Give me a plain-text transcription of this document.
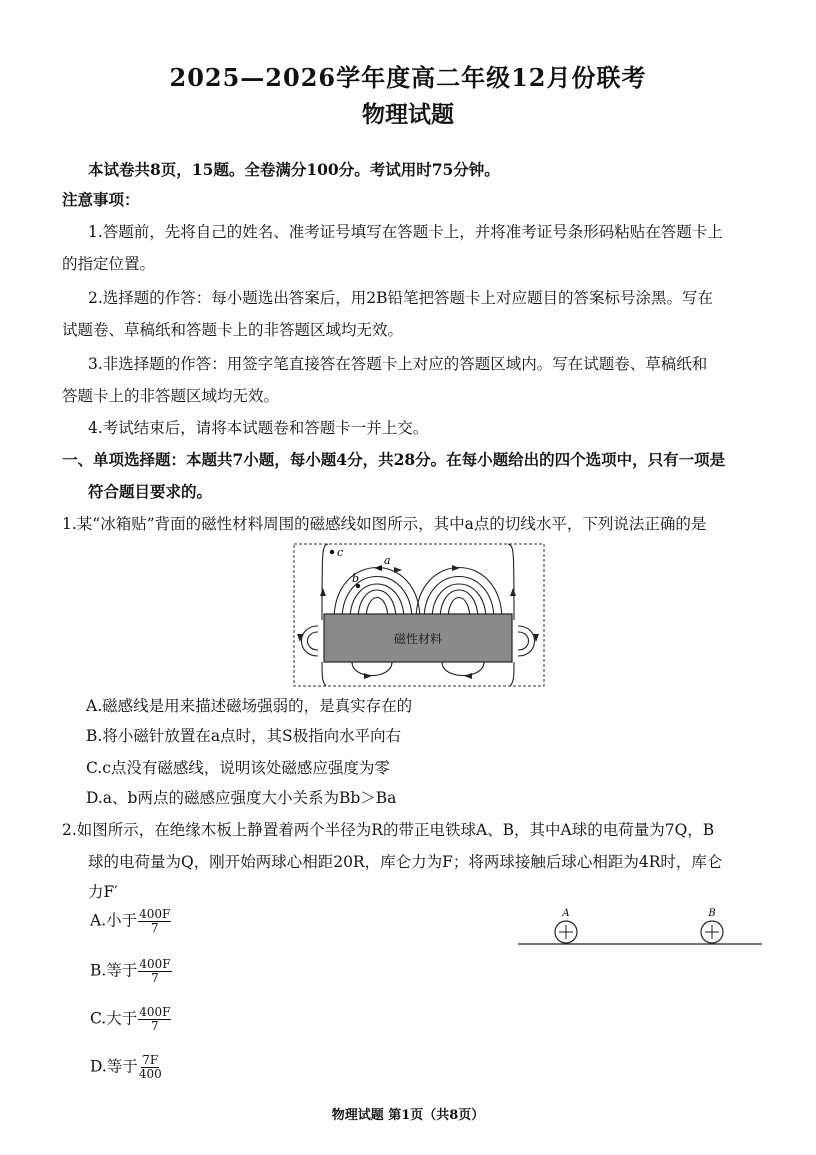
2025—2026学年度高二年级12月份联考
物理试题
本试卷共8页，15题。全卷满分100分。考试用时75分钟。
注意事项：
1.答题前，先将自己的姓名、准考证号填写在答题卡上，并将准考证号条形码粘贴在答题卡上
的指定位置。
2.选择题的作答：每小题选出答案后，用2B铅笔把答题卡上对应题目的答案标号涂黑。写在
试题卷、草稿纸和答题卡上的非答题区域均无效。
3.非选择题的作答：用签字笔直接答在答题卡上对应的答题区域内。写在试题卷、草稿纸和
答题卡上的非答题区域均无效。
4.考试结束后，请将本试题卷和答题卡一并上交。
一、单项选择题：本题共7小题，每小题4分，共28分。在每小题给出的四个选项中，只有一项是
符合题目要求的。
1.某“冰箱贴”背面的磁性材料周围的磁感线如图所示，其中a点的切线水平，下列说法正确的是
磁性材料
c
a
b
A.磁感线是用来描述磁场强弱的，是真实存在的
B.将小磁针放置在a点时，其S极指向水平向右
C.c点没有磁感线，说明该处磁感应强度为零
D.a、b两点的磁感应强度大小关系为Bb＞Ba
2.如图所示，在绝缘木板上静置着两个半径为R的带正电铁球A、B，其中A球的电荷量为7Q，B
球的电荷量为Q，刚开始两球心相距20R，库仑力为F；将两球接触后球心相距为4R时，库仑
力F′
A	B
A.小于 $\frac{400F}{7}$
B.等于 $\frac{400F}{7}$
C.大于 $\frac{400F}{7}$
D.等于 $\frac{7F}{400}$
物理试题 第1页（共8页）
